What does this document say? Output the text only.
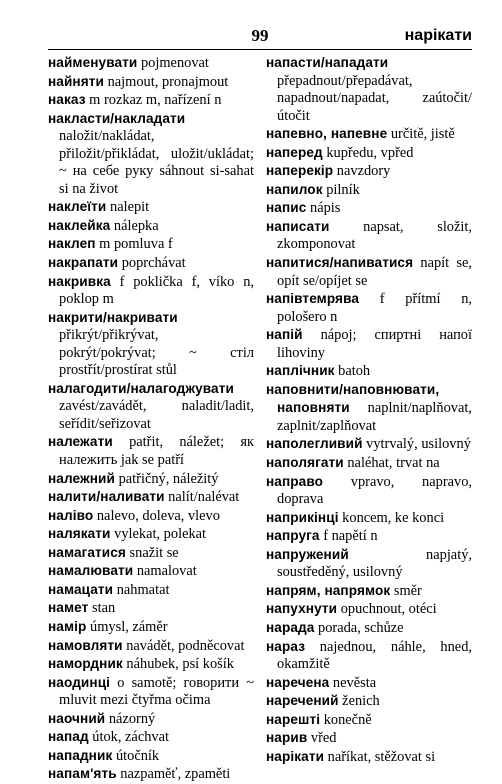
99	нарікати
найменувати pojmenovat
найняти najmout, pronajmout
наказ m rozkaz m, nařízení n
накласти/накладати naložit/nakládat, přiložit/přikládat, uložit/ukládat; ~ на себе руку sáhnout si-sahat si na život
наклеїти nalepit
наклейка nálepka
наклеп m pomluva f
накрапати poprchávat
накривка f poklička f, víko n, poklop m
накрити/накривати přikrýt/přikrývat, pokrýt/pokrývat; ~ стіл prostřít/prostírat stůl
налагодити/налагоджувати zavést/zavádět, naladit/ladit, seřídit/seřizovat
належати patřit, náležet; як належить jak se patří
належний patřičný, náležitý
налити/наливати nalít/nalévat
наліво nalevo, doleva, vlevo
налякати vylekat, polekat
намагатися snažit se
намалювати namalovat
намацати nahmatat
намет stan
намір úmysl, záměr
намовляти navádět, podněcovat
намордник náhubek, psí košík
наодинці o samotě; говорити ~ mluvit mezi čtyřma očima
наочний názorný
напад útok, záchvat
нападник útočník
напам'ять nazpaměť, zpaměti
напасти/нападати přepadnout/přepadávat, napadnout/napadat, zaútočit/útočit
напевно, напевне určitě, jistě
наперед kupředu, vpřed
наперекір navzdory
напилок pilník
напис nápis
написати napsat, složit, zkomponovat
напитися/напиватися napít se, opít se/opíjet se
напівтемрява f přítmí n, pološero n
напій nápoj; спиртні напої lihoviny
наплічник batoh
наповнити/наповнювати, наповняти naplnit/naplňovat, zaplnit/zaplňovat
наполегливий vytrvalý, usilovný
наполягати naléhat, trvat na
направо vpravo, napravo, doprava
наприкінці koncem, ke konci
напруга f napětí n
напружений napjatý, soustředěný, usilovný
напрям, напрямок směr
напухнути opuchnout, otéci
нарада porada, schůze
нараз najednou, náhle, hned, okamžitě
наречена nevěsta
наречений ženich
нарешті konečně
нарив vřed
нарікати naříkat, stěžovat si
